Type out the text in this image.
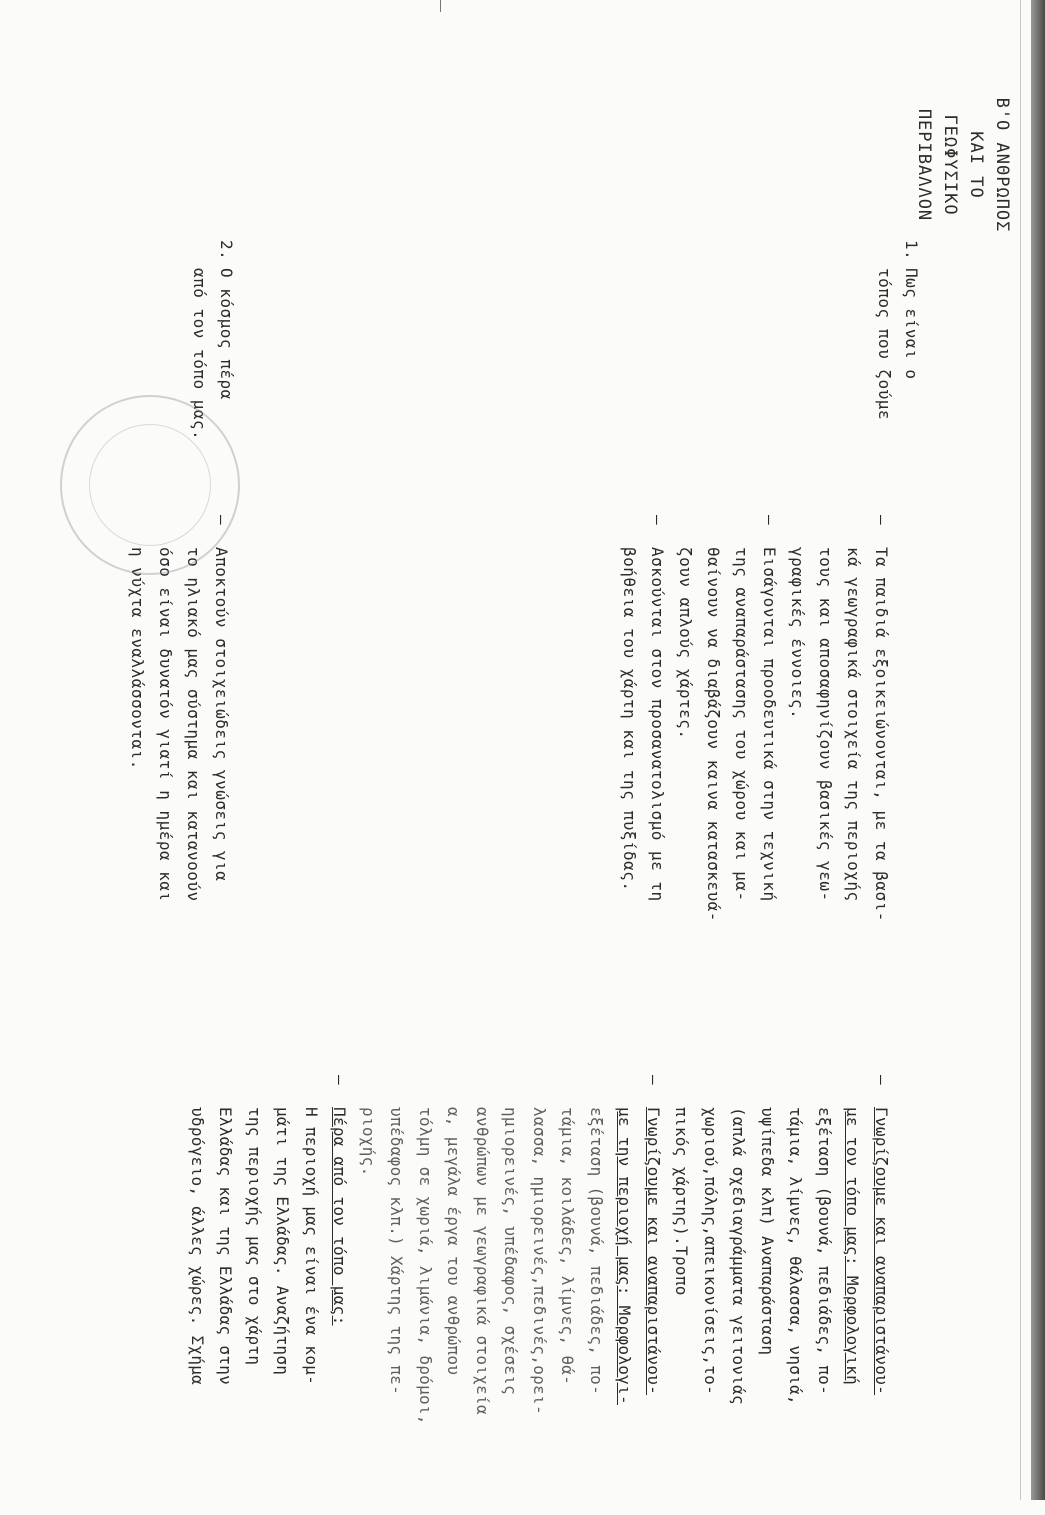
Β'Ο ΑΝΘΡΩΠΟΣ
ΚΑΙ ΤΟ
ΓΕΩΦΥΣΙΚΟ
ΠΕΡΙΒΑΛΛΟΝ
1.Πως είναι ο
τόπος που ζούμε
2.Ο κόσμος πέρα
από τον τόπο μας.
–
Τα παιδιά εξοικειώνονται, με τα βασι-
κά γεωγραφικά στοιχεία της περιοχής
τους και αποσαφηνίζουν βασικές γεω-
γραφικές έννοιες.
–
Εισάγονται προοδευτικά στην τεχνική
της αναπαράστασης του χώρου και μα-
θαίνουν να διαβάζουν καινα κατασκευά-
ζουν απλούς χάρτες.
–
Ασκούνται στον προσανατολισμό με τη
βοήθεια του χάρτη και της πυξίδας.
–
Αποκτούν στοιχειώδεις γνώσεις για
το ηλιακό μας σύστημα και κατανοούν
όσο είναι δυνατόν γιατί η ημέρα και
η νύχτα εναλλάσσονται.
–
Γνωρίζουμε και αναπαριστάνου-
με τον τόπο μας: Μορφολογική
εξέταση (βουνά, πεδιάδες, πο-
τάμια, λίμνες, θάλασσα, νησιά,
υψίπεδα κλπ) Αναπαράσταση
(απλά σχεδιαγράμματα γειτονιάς
χωριού,πόλης,απεικονίσεις,το-
πικός χάρτης).Τροπο
–
Γνωρίζουμε και αναπαριστάνου-
με την περιοχή μας: Μορφολογι-
εξέταση (βουνά, πεδιάδες, πο-
τάμια, κοιλάδες, λίμνες, θά-
λασσα, ημιορεινές,πεδινές,ορει-
ημιορεινές, υπέδαφος, σχέσεις
ανθρώπων με γεωγραφικά στοιχεία
α, μεγάλα έργα του ανθρώπου
τόλμη σε χωριά, λιμάνια, δρόμοι,
υπέδαφος κλπ.) Χάρτης της πε-
ριοχής.
–
Πέρα από τον τόπο μας:
Η περιοχή μας είναι ένα κομ-
μάτι της Ελλάδας. Αναζήτηση
της περιοχής μας στο χάρτη
Ελλάδας και της Ελλάδας στην
υδρόγειο, άλλες χώρες. Σχήμα
